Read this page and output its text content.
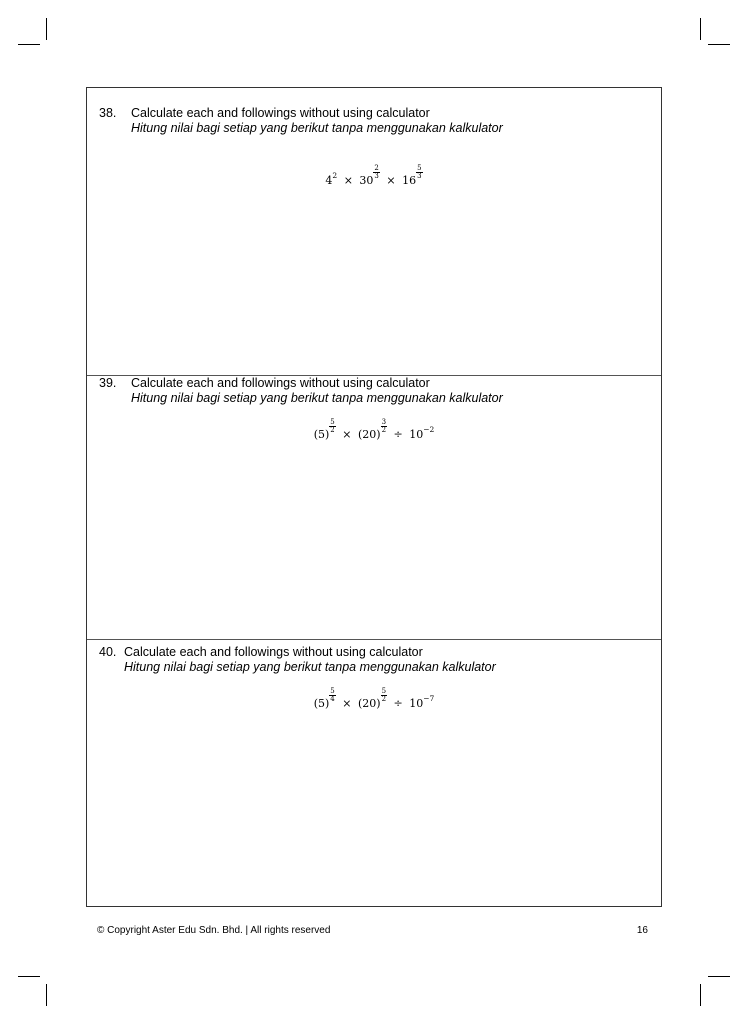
38. Calculate each and followings without using calculator
Hitung nilai bagi setiap yang berikut tanpa menggunakan kalkulator
$4^2 \times 30$
$\frac{2}{3}$
× 16
$\frac{5}{3}$
39. Calculate each and followings without using calculator
Hitung nilai bagi setiap yang berikut tanpa menggunakan kalkulator
(5)
$\frac{5}{2}$
× (20)
$\frac{3}{2}$
÷ $10^{-2}$
40. Calculate each and followings without using calculator
Hitung nilai bagi setiap yang berikut tanpa menggunakan kalkulator
(5)
$\frac{5}{4}$
× (20)
$\frac{5}{2}$
÷ $10^{-7}$
© Copyright Aster Edu Sdn. Bhd. | All rights reserved	16
